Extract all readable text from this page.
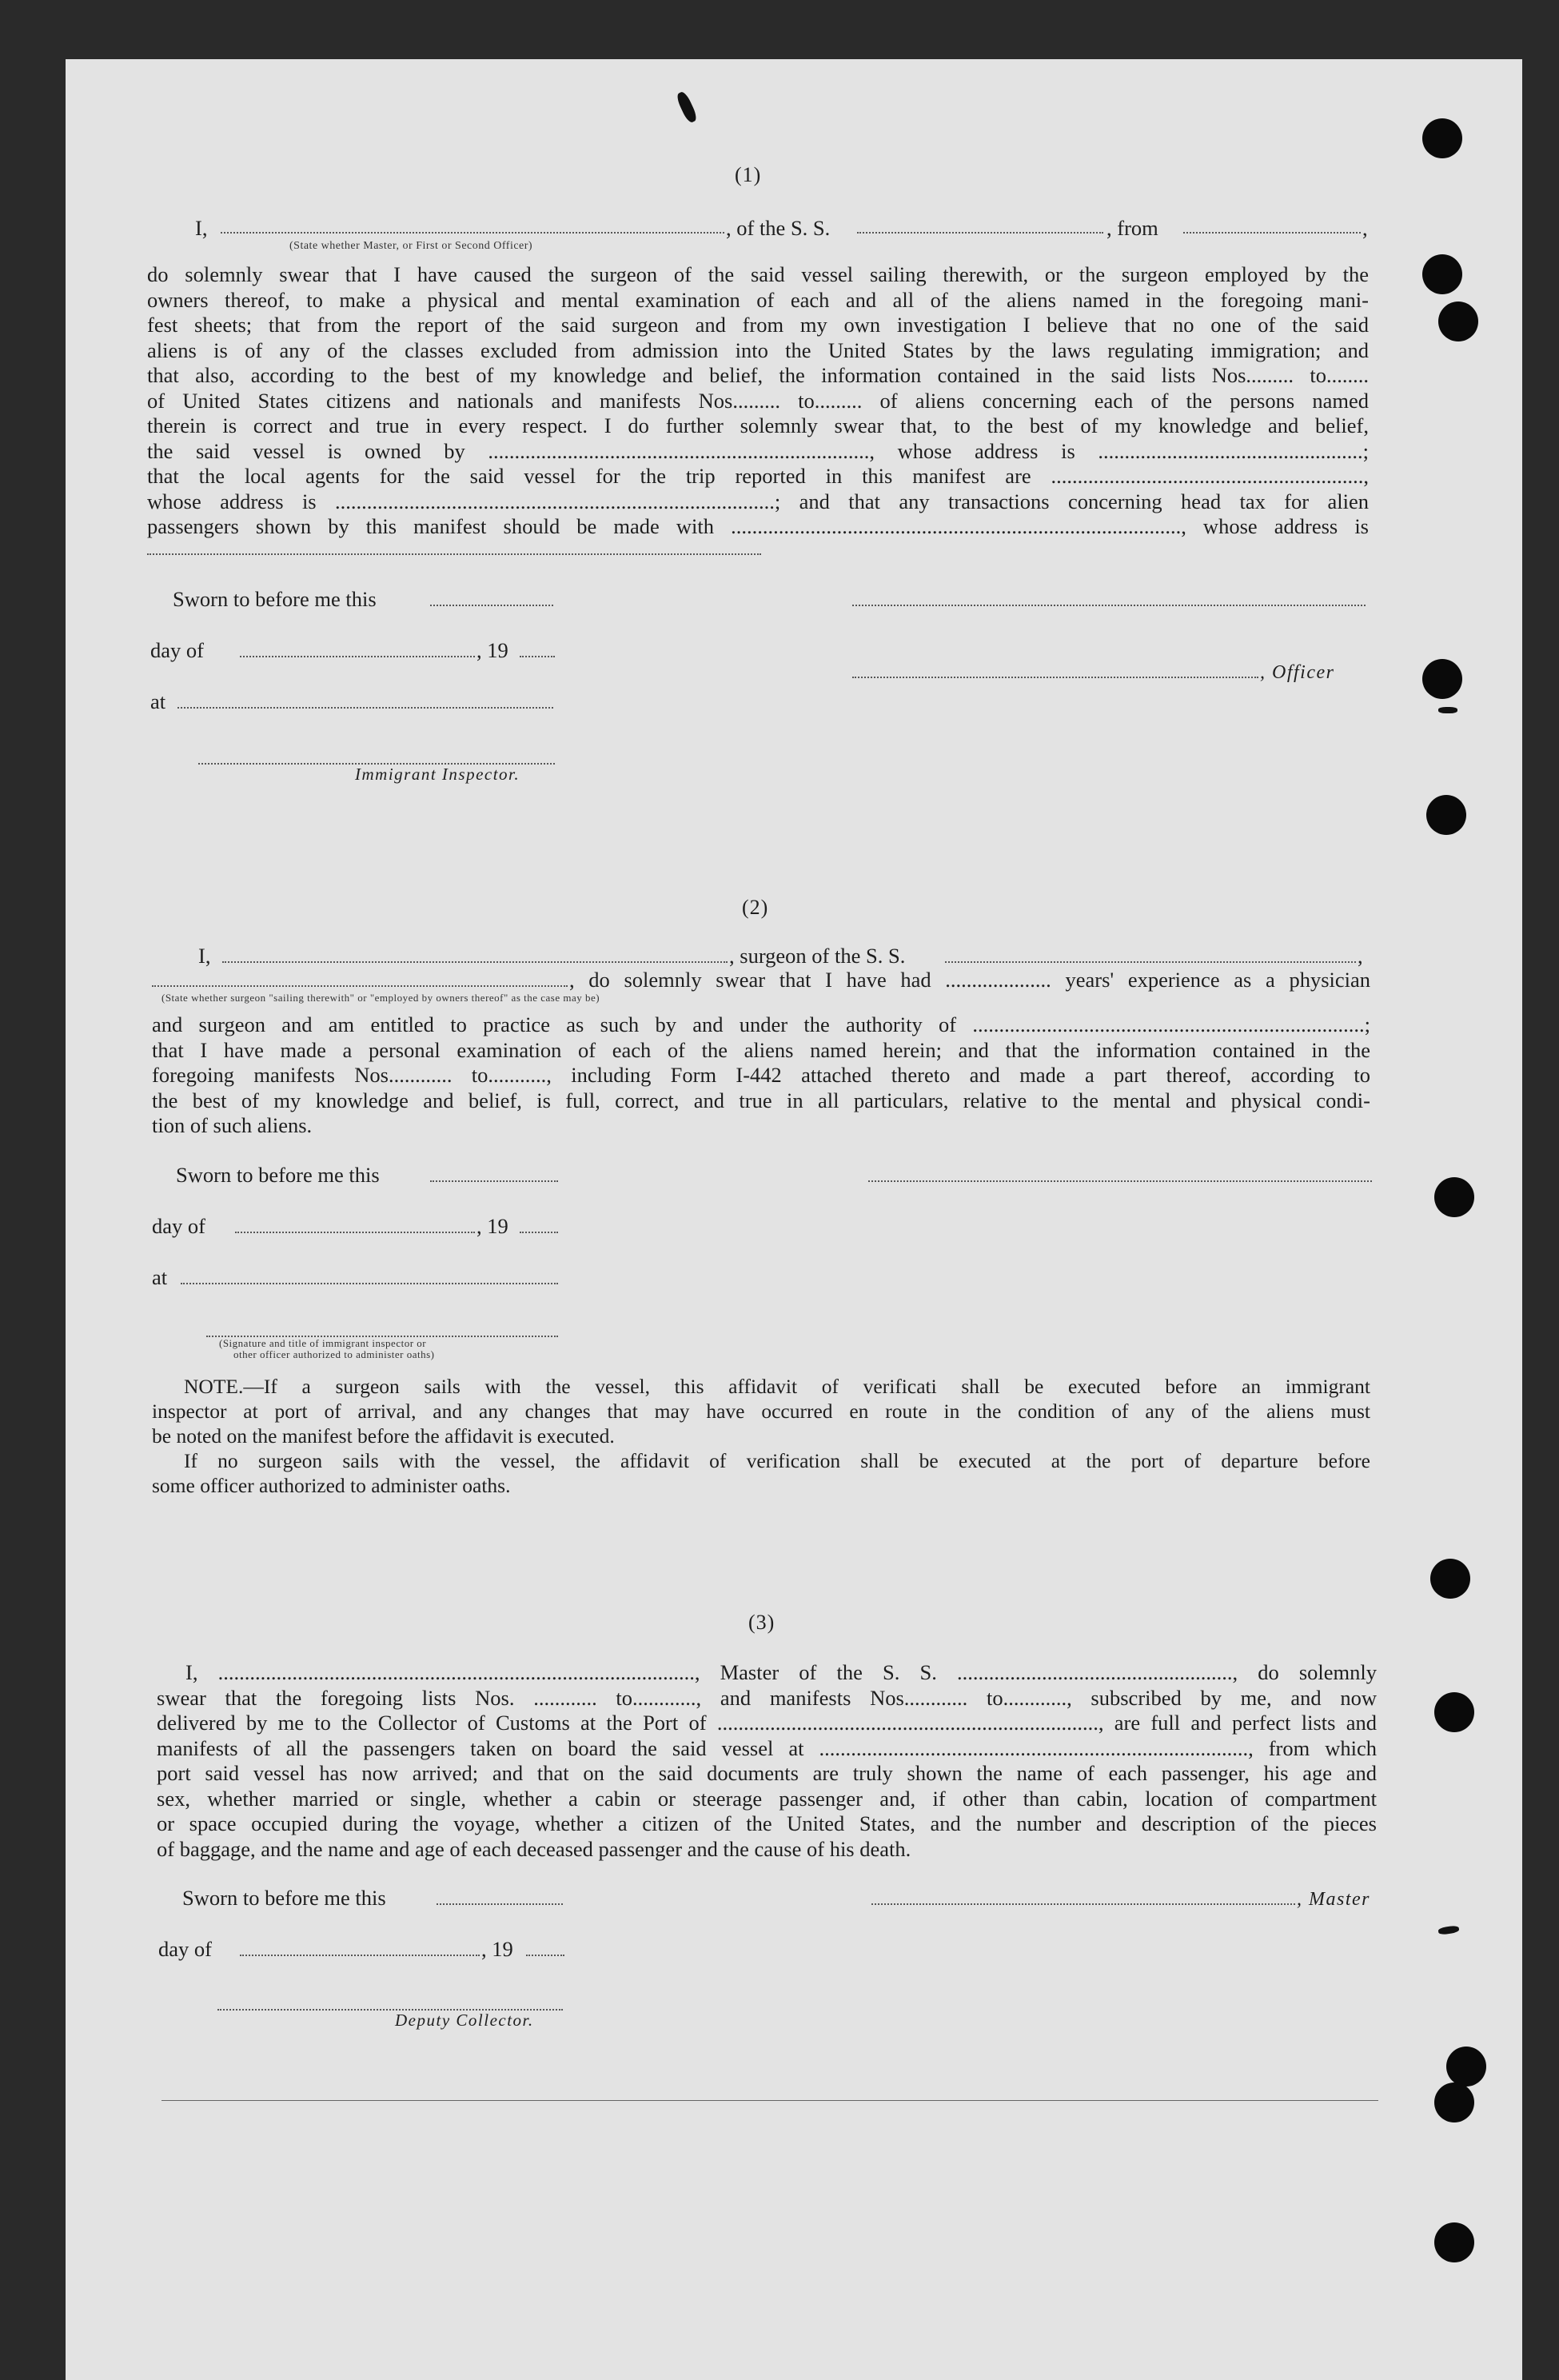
(1)
I,	, of the S. S.	, from	,
(State whether Master, or First or Second Officer)
do solemnly swear that I have caused the surgeon of the said vessel sailing therewith, or the surgeon employed by the
owners thereof, to make a physical and mental examination of each and all of the aliens named in the foregoing mani-
fest sheets; that from the report of the said surgeon and from my own investigation I believe that no one of the said
aliens is of any of the classes excluded from admission into the United States by the laws regulating immigration; and
that also, according to the best of my knowledge and belief, the information contained in the said lists Nos......... to........
of United States citizens and nationals and manifests Nos......... to......... of aliens concerning each of the persons named
therein is correct and true in every respect. I do further solemnly swear that, to the best of my knowledge and belief,
the said vessel is owned by ........................................................................, whose address is ..................................................;
that the local agents for the said vessel for the trip reported in this manifest are ...........................................................,
whose address is ...................................................................................; and that any transactions concerning head tax for alien
passengers shown by this manifest should be made with ....................................................................................., whose address is
Sworn to before me this
day of	, 19
, Officer
at
Immigrant Inspector.
(2)
I,	, surgeon of the S. S.	,
, do solemnly swear that I have had .................... years' experience as a physician
(State whether surgeon "sailing therewith" or "employed by owners thereof" as the case may be)
and surgeon and am entitled to practice as such by and under the authority of ..........................................................................;
that I have made a personal examination of each of the aliens named herein; and that the information contained in the
foregoing manifests Nos............ to..........., including Form I-442 attached thereto and made a part thereof, according to
the best of my knowledge and belief, is full, correct, and true in all particulars, relative to the mental and physical condi-
tion of such aliens.
Sworn to before me this
day of	, 19
at
(Signature and title of immigrant inspector or
other officer authorized to administer oaths)
NOTE.—If a surgeon sails with the vessel, this affidavit of verificati shall be executed before an immigrant
inspector at port of arrival, and any changes that may have occurred en route in the condition of any of the aliens must
be noted on the manifest before the affidavit is executed.
If no surgeon sails with the vessel, the affidavit of verification shall be executed at the port of departure before
some officer authorized to administer oaths.
(3)
I, .........................................................................................., Master of the S. S. ...................................................., do solemnly
swear that the foregoing lists Nos. ............ to............, and manifests Nos............ to............, subscribed by me, and now
delivered by me to the Collector of Customs at the Port of ........................................................................, are full and perfect lists and
manifests of all the passengers taken on board the said vessel at ................................................................................., from which
port said vessel has now arrived; and that on the said documents are truly shown the name of each passenger, his age and
sex, whether married or single, whether a cabin or steerage passenger and, if other than cabin, location of compartment
or space occupied during the voyage, whether a citizen of the United States, and the number and description of the pieces
of baggage, and the name and age of each deceased passenger and the cause of his death.
Sworn to before me this	, Master
day of	, 19
Deputy Collector.
